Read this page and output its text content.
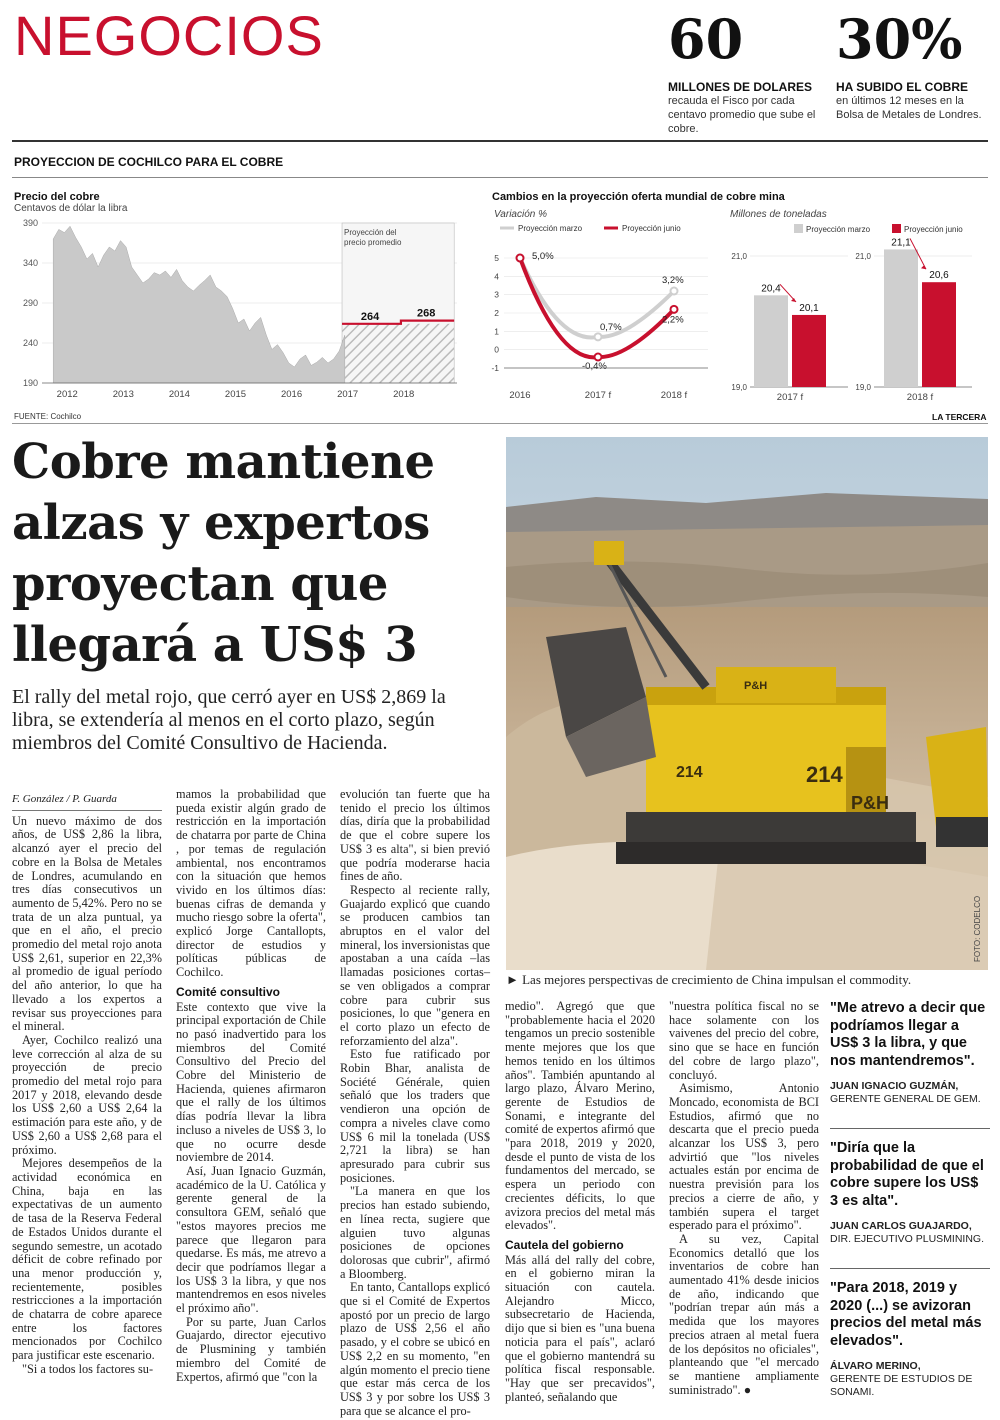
NEGOCIOS	60
MILLONES DE DOLARES
recauda el Fisco por cada centavo promedio que sube el cobre.
30%
HA SUBIDO EL COBRE
en últimos 12 meses en la Bolsa de Metales de Londres.
PROYECCION DE COCHILCO PARA EL COBRE
Precio del cobre
Centavos de dólar la libra
390
340
290
240
190
Proyección del precio promedio
264	268
2012	2013	2014	2015	2016	2017	2018
Cambios en la proyección oferta mundial de cobre mina
Variación %	Millones de toneladas
Proyección marzo	Proyección junio
5
4
3
2
1
0
-1
5,0%
0,7%
-0,4%
3,2%
2,2%
2016	2017 f	2018 f
Proyección marzo	Proyección junio
21,0
19,0
20,4
20,1
2017 f
21,0
19,0
21,1
20,6
2018 f
FUENTE: Cochilco	LA TERCERA
Cobre mantiene alzas y expertos proyectan que llegará a US$ 3
El rally del metal rojo, que cerró ayer en US$ 2,869 la libra, se extendería al menos en el corto plazo, según miembros del Comité Consultivo de Hacienda.
214	214
P&H
P&H
FOTO: CODELCO
► Las mejores perspectivas de crecimiento de China impulsan el commodity.
F. González / P. Guarda

Un nuevo máximo de dos años, de US$ 2,86 la libra, alcanzó ayer el precio del cobre en la Bolsa de Metales de Londres, acumulando en tres días consecutivos un aumento de 5,42%. Pero no se trata de un alza puntual, ya que en el año, el precio promedio del metal rojo anota US$ 2,61, superior en 22,3% al promedio de igual período del año anterior, lo que ha llevado a los expertos a revisar sus proyecciones para el mineral.

Ayer, Cochilco realizó una leve corrección al alza de su proyección de precio promedio del metal rojo para 2017 y 2018, elevando desde los US$ 2,60 a US$ 2,64 la estimación para este año, y de US$ 2,60 a US$ 2,68 para el próximo.

Mejores desempeños de la actividad económica en China, baja en las expectativas de un aumento de tasa de la Reserva Federal de Estados Unidos durante el segundo semestre, un acotado déficit de cobre refinado por una menor producción y, recientemente, posibles restricciones a la importación de chatarra de cobre aparece entre los factores mencionados por Cochilco para justificar este escenario.

"Si a todos los factores su-

mamos la probabilidad que pueda existir algún grado de restricción en la importación de chatarra por parte de China , por temas de regulación ambiental, nos encontramos con la situación que hemos vivido en los últimos días: buenas cifras de demanda y mucho riesgo sobre la oferta", explicó Jorge Cantallopts, director de estudios y políticas públicas de Cochilco.

Comité consultivo

Este contexto que vive la principal exportación de Chile no pasó inadvertido para los miembros del Comité Consultivo del Precio del Cobre del Ministerio de Hacienda, quienes afirmaron que el rally de los últimos días podría llevar la libra incluso a niveles de US$ 3, lo que no ocurre desde noviembre de 2014.

Así, Juan Ignacio Guzmán, académico de la U. Católica y gerente general de la consultora GEM, señaló que "estos mayores precios me parece que llegaron para quedarse. Es más, me atrevo a decir que podríamos llegar a los US$ 3 la libra, y que nos mantendremos en esos niveles el próximo año".

Por su parte, Juan Carlos Guajardo, director ejecutivo de Plusmining y también miembro del Comité de Expertos, afirmó que "con la

evolución tan fuerte que ha tenido el precio los últimos días, diría que la probabilidad de que el cobre supere los US$ 3 es alta", si bien previó que podría moderarse hacia fines de año.

Respecto al reciente rally, Guajardo explicó que cuando se producen cambios tan abruptos en el valor del mineral, los inversionistas que apostaban a una caída –las llamadas posiciones cortas– se ven obligados a comprar cobre para cubrir sus posiciones, lo que "genera en el corto plazo un efecto de reforzamiento del alza".

Esto fue ratificado por Robin Bhar, analista de Société Générale, quien señaló que los traders que vendieron una opción de compra a niveles clave como US$ 6 mil la tonelada (US$ 2,721 la libra) se han apresurado para cubrir sus posiciones.

"La manera en que los precios han estado subiendo, en línea recta, sugiere que alguien tuvo algunas posiciones de opciones dolorosas que cubrir", afirmó a Bloomberg.

En tanto, Cantallops explicó que si el Comité de Expertos apostó por un precio de largo plazo de US$ 2,56 el año pasado, y el cobre se ubicó en US$ 2,2 en su momento, "en algún momento el precio tiene que estar más cerca de los US$ 3 y por sobre los US$ 3 para que se alcance el pro-

medio". Agregó que que "probablemente hacia el 2020 tengamos un precio sostenible mente mejores que los que hemos tenido en los últimos años". También apuntando al largo plazo, Álvaro Merino, gerente de Estudios de Sonami, e integrante del comité de expertos afirmó que "para 2018, 2019 y 2020, desde el punto de vista de los fundamentos del mercado, se espera un periodo con crecientes déficits, lo que avizora precios del metal más elevados".

Cautela del gobierno

Más allá del rally del cobre, en el gobierno miran la situación con cautela. Alejandro Micco, subsecretario de Hacienda, dijo que si bien es "una buena noticia para el país", aclaró que el gobierno mantendrá su política fiscal responsable. "Hay que ser precavidos", planteó, señalando que

"nuestra política fiscal no se hace solamente con los vaivenes del precio del cobre, sino que se hace en función del cobre de largo plazo", concluyó.

Asimismo, Antonio Moncado, economista de BCI Estudios, afirmó que no descarta que el precio pueda alcanzar los US$ 3, pero advirtió que "los niveles actuales están por encima de nuestra previsión para los precios a cierre de año, y también supera el target esperado para el próximo".

A su vez, Capital Economics detalló que los inventarios de cobre han aumentado 41% desde inicios de año, indicando que "podrían trepar aún más a medida que los mayores precios atraen al metal fuera de los depósitos no oficiales", planteando que "el mercado se mantiene ampliamente suministrado". ●

"Me atrevo a decir que podríamos llegar a US$ 3 la libra, y que nos mantendremos".
JUAN IGNACIO GUZMÁN,
GERENTE GENERAL DE GEM.
"Diría que la probabilidad de que el cobre supere los US$ 3 es alta".
JUAN CARLOS GUAJARDO,
DIR. EJECUTIVO PLUSMINING.
"Para 2018, 2019 y 2020 (...) se avizoran precios del metal más elevados".
ÁLVARO MERINO,
GERENTE DE ESTUDIOS DE SONAMI.
